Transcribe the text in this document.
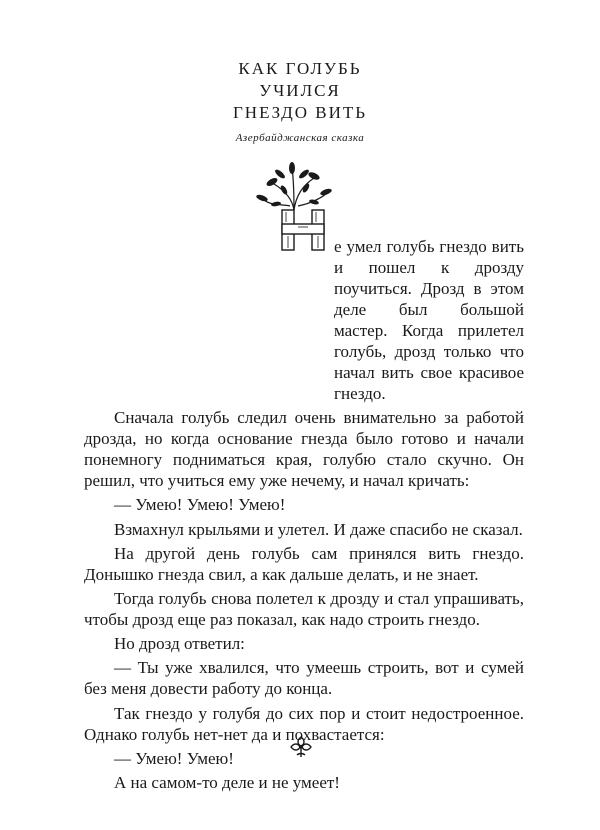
КАК ГОЛУБЬ
УЧИЛСЯ
ГНЕЗДО ВИТЬ
Азербайджанская сказка

е умел голубь гнездо вить и пошел к дрозду поучиться. Дрозд в этом деле был большой мастер. Когда прилетел голубь, дрозд только что начал вить свое красивое гнездо.

Сначала голубь следил очень внимательно за работой дрозда, но когда основание гнезда было готово и начали понемногу подниматься края, голубю стало скучно. Он решил, что учиться ему уже нечему, и начал кричать:

— Умею! Умею! Умею!

Взмахнул крыльями и улетел. И даже спасибо не сказал.

На другой день голубь сам принялся вить гнездо. Донышко гнезда свил, а как дальше делать, и не знает.

Тогда голубь снова полетел к дрозду и стал упрашивать, чтобы дрозд еще раз показал, как надо строить гнездо.

Но дрозд ответил:

— Ты уже хвалился, что умеешь строить, вот и сумей без меня довести работу до конца.

Так гнездо у голубя до сих пор и стоит недостроенное. Однако голубь нет-нет да и похвастается:

— Умею! Умею!

А на самом-то деле и не умеет!
